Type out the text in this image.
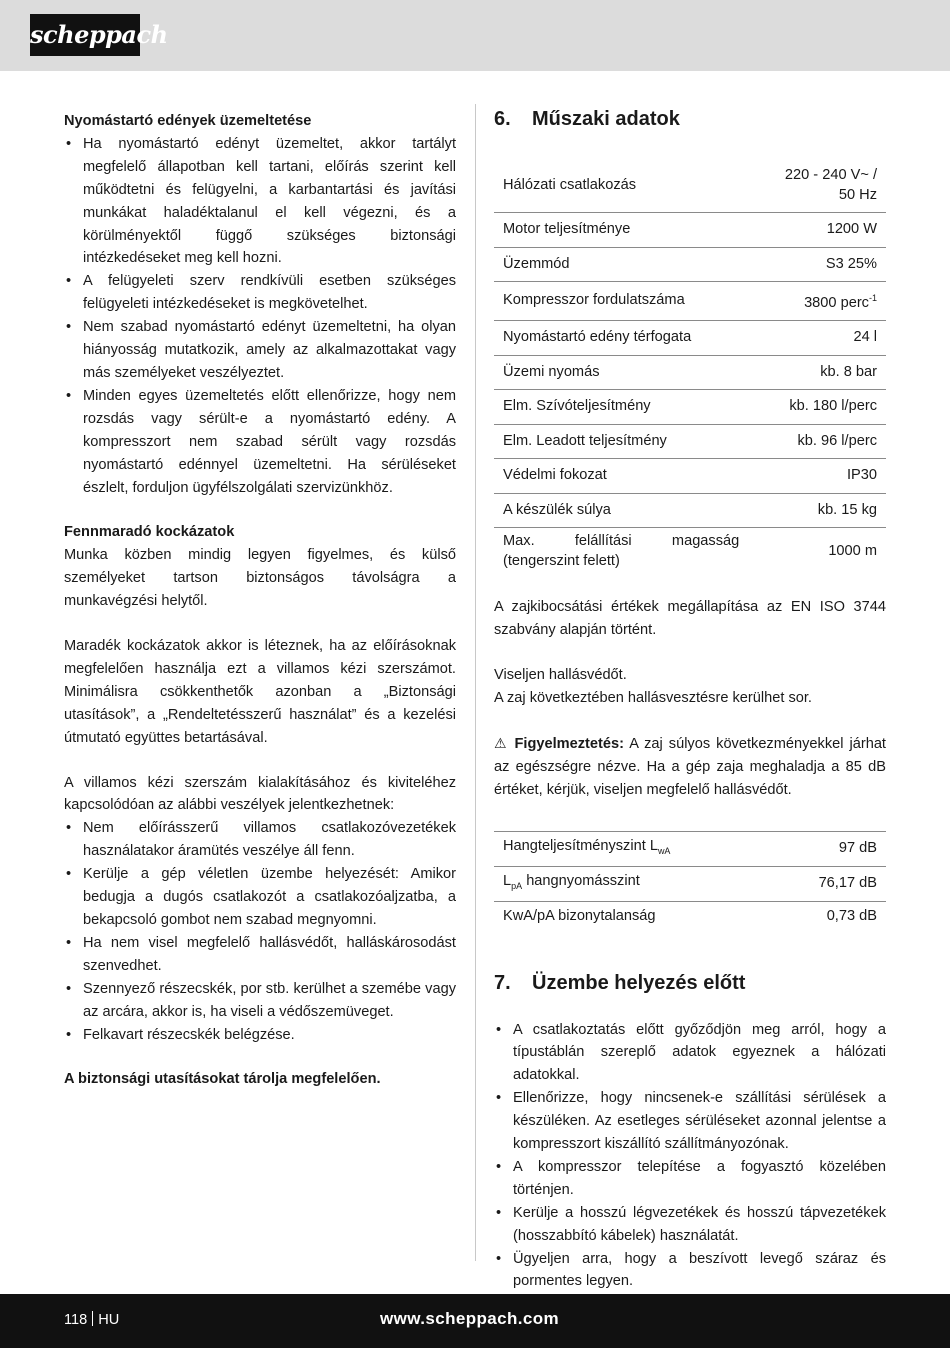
scheppach
Nyomástartó edények üzemeltetése
• Ha nyomástartó edényt üzemeltet, akkor tartályt megfelelő állapotban kell tartani, előírás szerint kell működtetni és felügyelni, a karbantartási és javítási munkákat haladéktalanul el kell végezni, és a körülményektől függő szükséges biztonsági intézkedéseket meg kell hozni.
• A felügyeleti szerv rendkívüli esetben szükséges felügyeleti intézkedéseket is megkövetelhet.
• Nem szabad nyomástartó edényt üzemeltetni, ha olyan hiányosság mutatkozik, amely az alkalmazottakat vagy más személyeket veszélyeztet.
• Minden egyes üzemeltetés előtt ellenőrizze, hogy nem rozsdás vagy sérült-e a nyomástartó edény. A kompresszort nem szabad sérült vagy rozsdás nyomástartó edénnyel üzemeltetni. Ha sérüléseket észlelt, forduljon ügyfélszolgálati szervizünkhöz.
Fennmaradó kockázatok

Munka közben mindig legyen figyelmes, és külső személyeket tartson biztonságos távolságra a munkavégzési helytől.

Maradék kockázatok akkor is léteznek, ha az előírásoknak megfelelően használja ezt a villamos kézi szerszámot. Minimálisra csökkenthetők azonban a „Biztonsági utasítások”, a „Rendeltetésszerű használat” és a kezelési útmutató együttes betartásával.

A villamos kézi szerszám kialakításához és kiviteléhez kapcsolódóan az alábbi veszélyek jelentkezhetnek:

• Nem előírásszerű villamos csatlakozóvezetékek használatakor áramütés veszélye áll fenn.
• Kerülje a gép véletlen üzembe helyezését: Amikor bedugja a dugós csatlakozót a csatlakozóaljzatba, a bekapcsoló gombot nem szabad megnyomni.
• Ha nem visel megfelelő hallásvédőt, halláskárosodást szenvedhet.
• Szennyező részecskék, por stb. kerülhet a szemébe vagy az arcára, akkor is, ha viseli a védőszemüveget.
• Felkavart részecskék belégzése.
A biztonsági utasításokat tárolja megfelelően.
6.	Műszaki adatok
Hálózati csatlakozás	220 - 240 V~ /
50 Hz
Motor teljesítménye	1200 W
Üzemmód	S3 25%
Kompresszor fordulatszáma	3800 perc$^{-1}$
Nyomástartó edény térfogata	24 l
Üzemi nyomás	kb. 8 bar
Elm. Szívóteljesítmény	kb. 180 l/perc
Elm. Leadott teljesítmény	kb. 96 l/perc
Védelmi fokozat	IP30
A készülék súlya	kb. 15 kg
Max. felállítási magasság (tengerszint felett)	1000 m

A zajkibocsátási értékek megállapítása az EN ISO 3744 szabvány alapján történt.

Viseljen hallásvédőt.

A zaj következtében hallásvesztésre kerülhet sor.

⚠ Figyelmeztetés: A zaj súlyos következményekkel járhat az egészségre nézve. Ha a gép zaja meghaladja a 85 dB értéket, kérjük, viseljen megfelelő hallásvédőt.

Hangteljesítményszint $L_{wA}$	97 dB
$L_{pA}$ hangnyomásszint	76,17 dB
KwA/pA bizonytalanság	0,73 dB
7.	Üzembe helyezés előtt
• A csatlakoztatás előtt győződjön meg arról, hogy a típustáblán szereplő adatok egyeznek a hálózati adatokkal.
• Ellenőrizze, hogy nincsenek-e szállítási sérülések a készüléken. Az esetleges sérüléseket azonnal jelentse a kompresszort kiszállító szállítmányozónak.
• A kompresszor telepítése a fogyasztó közelében történjen.
• Kerülje a hosszú légvezetékek és hosszú tápvezetékek (hosszabbító kábelek) használatát.
• Ügyeljen arra, hogy a beszívott levegő száraz és pormentes legyen.
118 HU	www.scheppach.com
